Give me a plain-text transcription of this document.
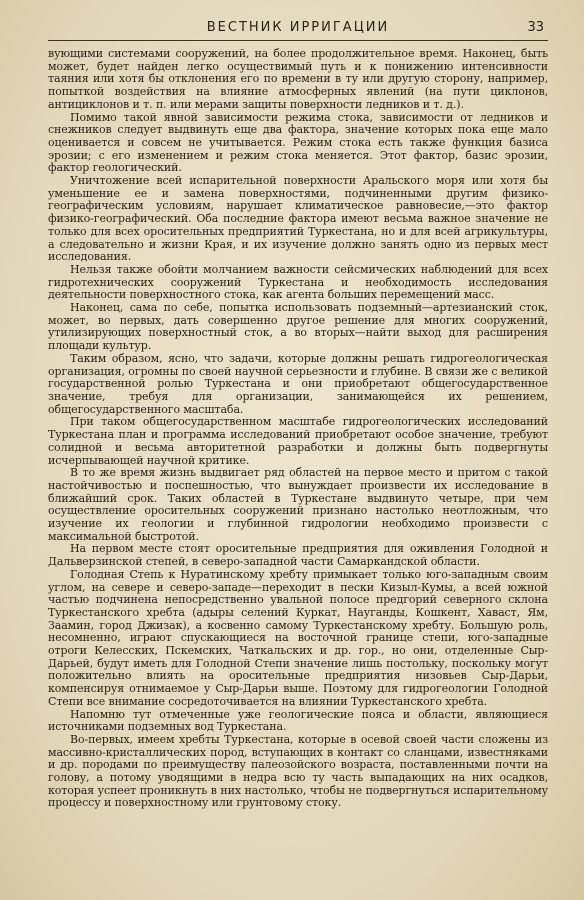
ВЕСТНИК ИРРИГАЦИИ	33

вующими системами сооружений, на более продолжительное время. Наконец, быть может, будет найден легко осуществимый путь и к понижению интенсивности таяния или хотя бы отклонения его по времени в ту или другую сторону, например, попыткой воздействия на влияние атмосферных явлений (на пути циклонов, антициклонов и т. п. или мерами защиты поверхности ледников и т. д.).

Помимо такой явной зависимости режима стока, зависимости от ледников и снежников следует выдвинуть еще два фактора, значение которых пока еще мало оценивается и совсем не учитывается. Режим стока есть также функция базиса эрозии; с его изменением и режим стока меняется. Этот фактор, базис эрозии, фактор геологический.

Уничтожение всей испарительной поверхности Аральского моря или хотя бы уменьшение ее и замена поверхностями, подчиненными другим физико-географическим условиям, нарушает климатическое равновесие,—это фактор физико-географический. Оба последние фактора имеют весьма важное значение не только для всех оросительных предприятий Туркестана, но и для всей агрикультуры, а следовательно и жизни Края, и их изучение должно занять одно из первых мест исследования.

Нельзя также обойти молчанием важности сейсмических наблюдений для всех гидротехнических сооружений Туркестана и необходимость исследования деятельности поверхностного стока, как агента больших перемещений масс.

Наконец, сама по себе, попытка использовать подземный—артезианский сток, может, во первых, дать совершенно другое решение для многих сооружений, утилизирующих поверхностный сток, а во вторых—найти выход для расширения площади культур.

Таким образом, ясно, что задачи, которые должны решать гидрогеологическая организация, огромны по своей научной серьезности и глубине. В связи же с великой государственной ролью Туркестана и они приобретают общегосударственное значение, требуя для организации, занимающейся их решением, общегосударственного масштаба.

При таком общегосударственном масштабе гидрогеологических исследований Туркестана план и программа исследований приобретают особое значение, требуют солидной и весьма авторитетной разработки и должны быть подвергнуты исчерпывающей научной критике.

В то же время жизнь выдвигает ряд областей на первое место и притом с такой настойчивостью и поспешностью, что вынуждает произвести их исследование в ближайший срок. Таких областей в Туркестане выдвинуто четыре, при чем осуществление оросительных сооружений признано настолько неотложным, что изучение их геологии и глубинной гидрологии необходимо произвести с максимальной быстротой.

На первом месте стоят оросительные предприятия для оживления Голодной и Дальверзинской степей, в северо-западной части Самаркандской области.

Голодная Степь к Нуратинскому хребту примыкает только юго-западным своим углом, на севере и северо-западе—переходит в пески Кизыл-Кумы, а всей южной частью подчинена непосредственно увальной полосе предгорий северного склона Туркестанского хребта (адыры селений Куркат, Науганды, Кошкент, Хаваст, Ям, Заамин, город Джизак), а косвенно самому Туркестанскому хребту. Большую роль, несомненно, играют спускающиеся на восточной границе степи, юго-западные отроги Келесских, Пскемских, Чаткальских и др. гор., но они, отделенные Сыр-Дарьей, будут иметь для Голодной Степи значение лишь постольку, поскольку могут положительно влиять на оросительные предприятия низовьев Сыр-Дарьи, компенсируя отнимаемое у Сыр-Дарьи выше. Поэтому для гидрогеологии Голодной Степи все внимание сосредоточивается на влиянии Туркестанского хребта.

Напомню тут отмеченные уже геологические пояса и области, являющиеся источниками подземных вод Туркестана.

Во-первых, имеем хребты Туркестана, которые в осевой своей части сложены из массивно-кристаллических пород, вступающих в контакт со сланцами, известняками и др. породами по преимуществу палеозойского возраста, поставленными почти на голову, а потому уводящими в недра всю ту часть выпадающих на них осадков, которая успеет проникнуть в них настолько, чтобы не подвергнуться испарительному процессу и поверхностному или грунтовому стоку.
